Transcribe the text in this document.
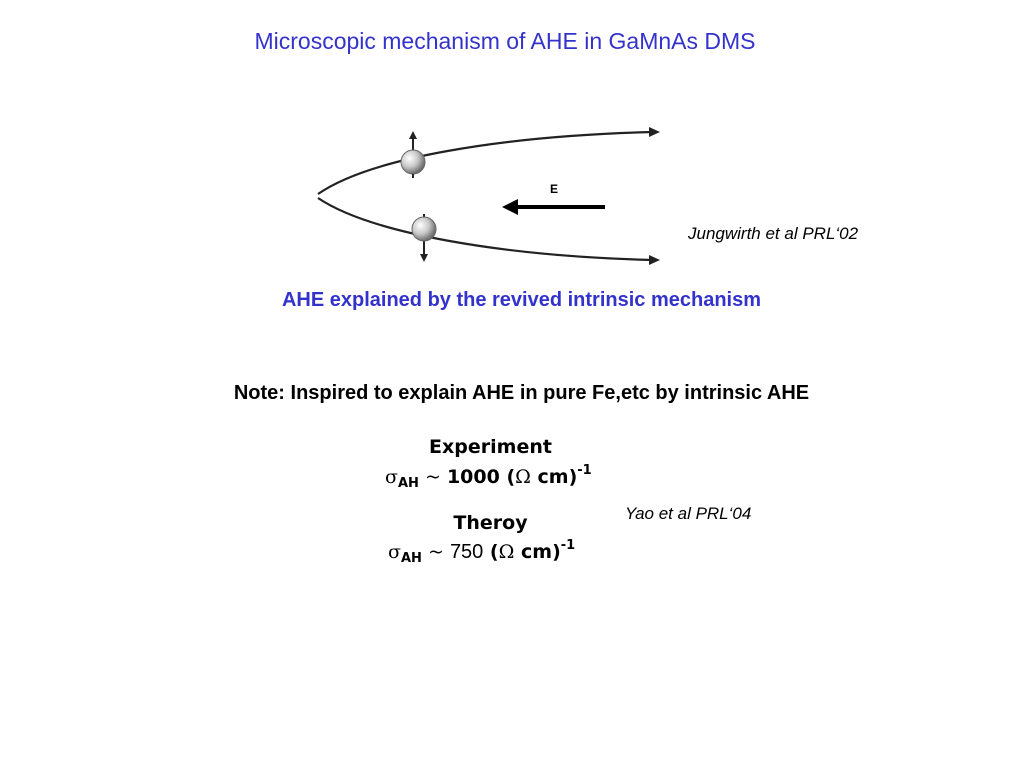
Microscopic mechanism of AHE in GaMnAs DMS
E
Jungwirth et al PRL‘02
AHE explained by the revived intrinsic mechanism
Note: Inspired to explain AHE in pure Fe,etc by intrinsic AHE
Experiment
$\sigma_{AH}$ ~ 1000 (Ω cm)$^{-1}$
Theroy
$\sigma_{AH}$ ~ 750 (Ω cm)$^{-1}$
Yao et al PRL‘04
